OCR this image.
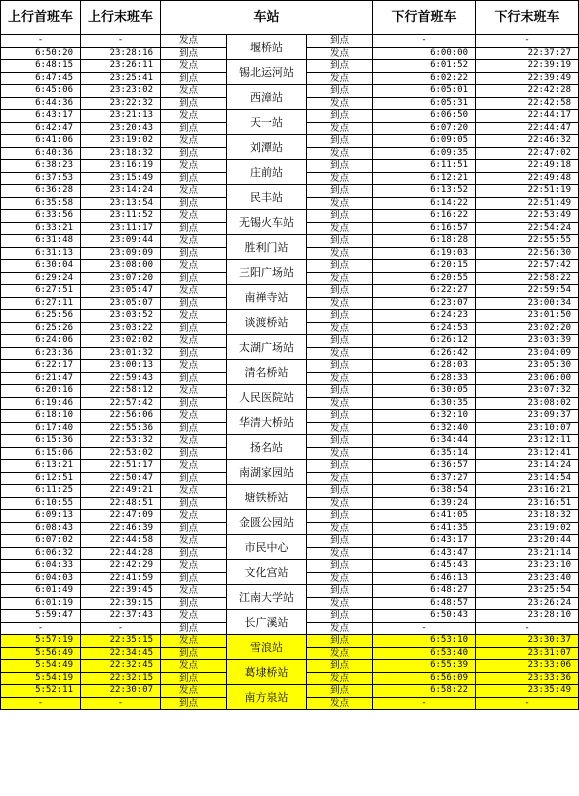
上行首班车	上行末班车	车站			下行首班车	下行末班车
-	-	发点	堰桥站	到点	-	-
6:50:20	23:28:16	到点		发点	6:00:00	22:37:27
6:48:15	23:26:11	发点	锡北运河站	到点	6:01:52	22:39:19
6:47:45	23:25:41	到点		发点	6:02:22	22:39:49
6:45:06	23:23:02	发点	西漳站	到点	6:05:01	22:42:28
6:44:36	23:22:32	到点		发点	6:05:31	22:42:58
6:43:17	23:21:13	发点	天一站	到点	6:06:50	22:44:17
6:42:47	23:20:43	到点		发点	6:07:20	22:44:47
6:41:06	23:19:02	发点	刘潭站	到点	6:09:05	22:46:32
6:40:36	23:18:32	到点		发点	6:09:35	22:47:02
6:38:23	23:16:19	发点	庄前站	到点	6:11:51	22:49:18
6:37:53	23:15:49	到点		发点	6:12:21	22:49:48
6:36:28	23:14:24	发点	民丰站	到点	6:13:52	22:51:19
6:35:58	23:13:54	到点		发点	6:14:22	22:51:49
6:33:56	23:11:52	发点	无锡火车站	到点	6:16:22	22:53:49
6:33:21	23:11:17	到点		发点	6:16:57	22:54:24
6:31:48	23:09:44	发点	胜利门站	到点	6:18:28	22:55:55
6:31:13	23:09:09	到点		发点	6:19:03	22:56:30
6:30:04	23:08:00	发点	三阳广场站	到点	6:20:15	22:57:42
6:29:24	23:07:20	到点		发点	6:20:55	22:58:22
6:27:51	23:05:47	发点	南禅寺站	到点	6:22:27	22:59:54
6:27:11	23:05:07	到点		发点	6:23:07	23:00:34
6:25:56	23:03:52	发点	谈渡桥站	到点	6:24:23	23:01:50
6:25:26	23:03:22	到点		发点	6:24:53	23:02:20
6:24:06	23:02:02	发点	太湖广场站	到点	6:26:12	23:03:39
6:23:36	23:01:32	到点		发点	6:26:42	23:04:09
6:22:17	23:00:13	发点	清名桥站	到点	6:28:03	23:05:30
6:21:47	22:59:43	到点		发点	6:28:33	23:06:00
6:20:16	22:58:12	发点	人民医院站	到点	6:30:05	23:07:32
6:19:46	22:57:42	到点		发点	6:30:35	23:08:02
6:18:10	22:56:06	发点	华清大桥站	到点	6:32:10	23:09:37
6:17:40	22:55:36	到点		发点	6:32:40	23:10:07
6:15:36	22:53:32	发点	扬名站	到点	6:34:44	23:12:11
6:15:06	22:53:02	到点		发点	6:35:14	23:12:41
6:13:21	22:51:17	发点	南湖家园站	到点	6:36:57	23:14:24
6:12:51	22:50:47	到点		发点	6:37:27	23:14:54
6:11:25	22:49:21	发点	塘铁桥站	到点	6:38:54	23:16:21
6:10:55	22:48:51	到点		发点	6:39:24	23:16:51
6:09:13	22:47:09	发点	金匮公园站	到点	6:41:05	23:18:32
6:08:43	22:46:39	到点		发点	6:41:35	23:19:02
6:07:02	22:44:58	发点	市民中心	到点	6:43:17	23:20:44
6:06:32	22:44:28	到点		发点	6:43:47	23:21:14
6:04:33	22:42:29	发点	文化宫站	到点	6:45:43	23:23:10
6:04:03	22:41:59	到点		发点	6:46:13	23:23:40
6:01:49	22:39:45	发点	江南大学站	到点	6:48:27	23:25:54
6:01:19	22:39:15	到点		发点	6:48:57	23:26:24
5:59:47	22:37:43	发点	长广溪站	到点	6:50:43	23:28:10
-	-	到点		发点	-	-
5:57:19	22:35:15	发点	雪浪站	到点	6:53:10	23:30:37
5:56:49	22:34:45	到点		发点	6:53:40	23:31:07
5:54:49	22:32:45	发点	葛埭桥站	到点	6:55:39	23:33:06
5:54:19	22:32:15	到点		发点	6:56:09	23:33:36
5:52:11	22:30:07	发点	南方泉站	到点	6:58:22	23:35:49
-	-	到点		发点	-	-
